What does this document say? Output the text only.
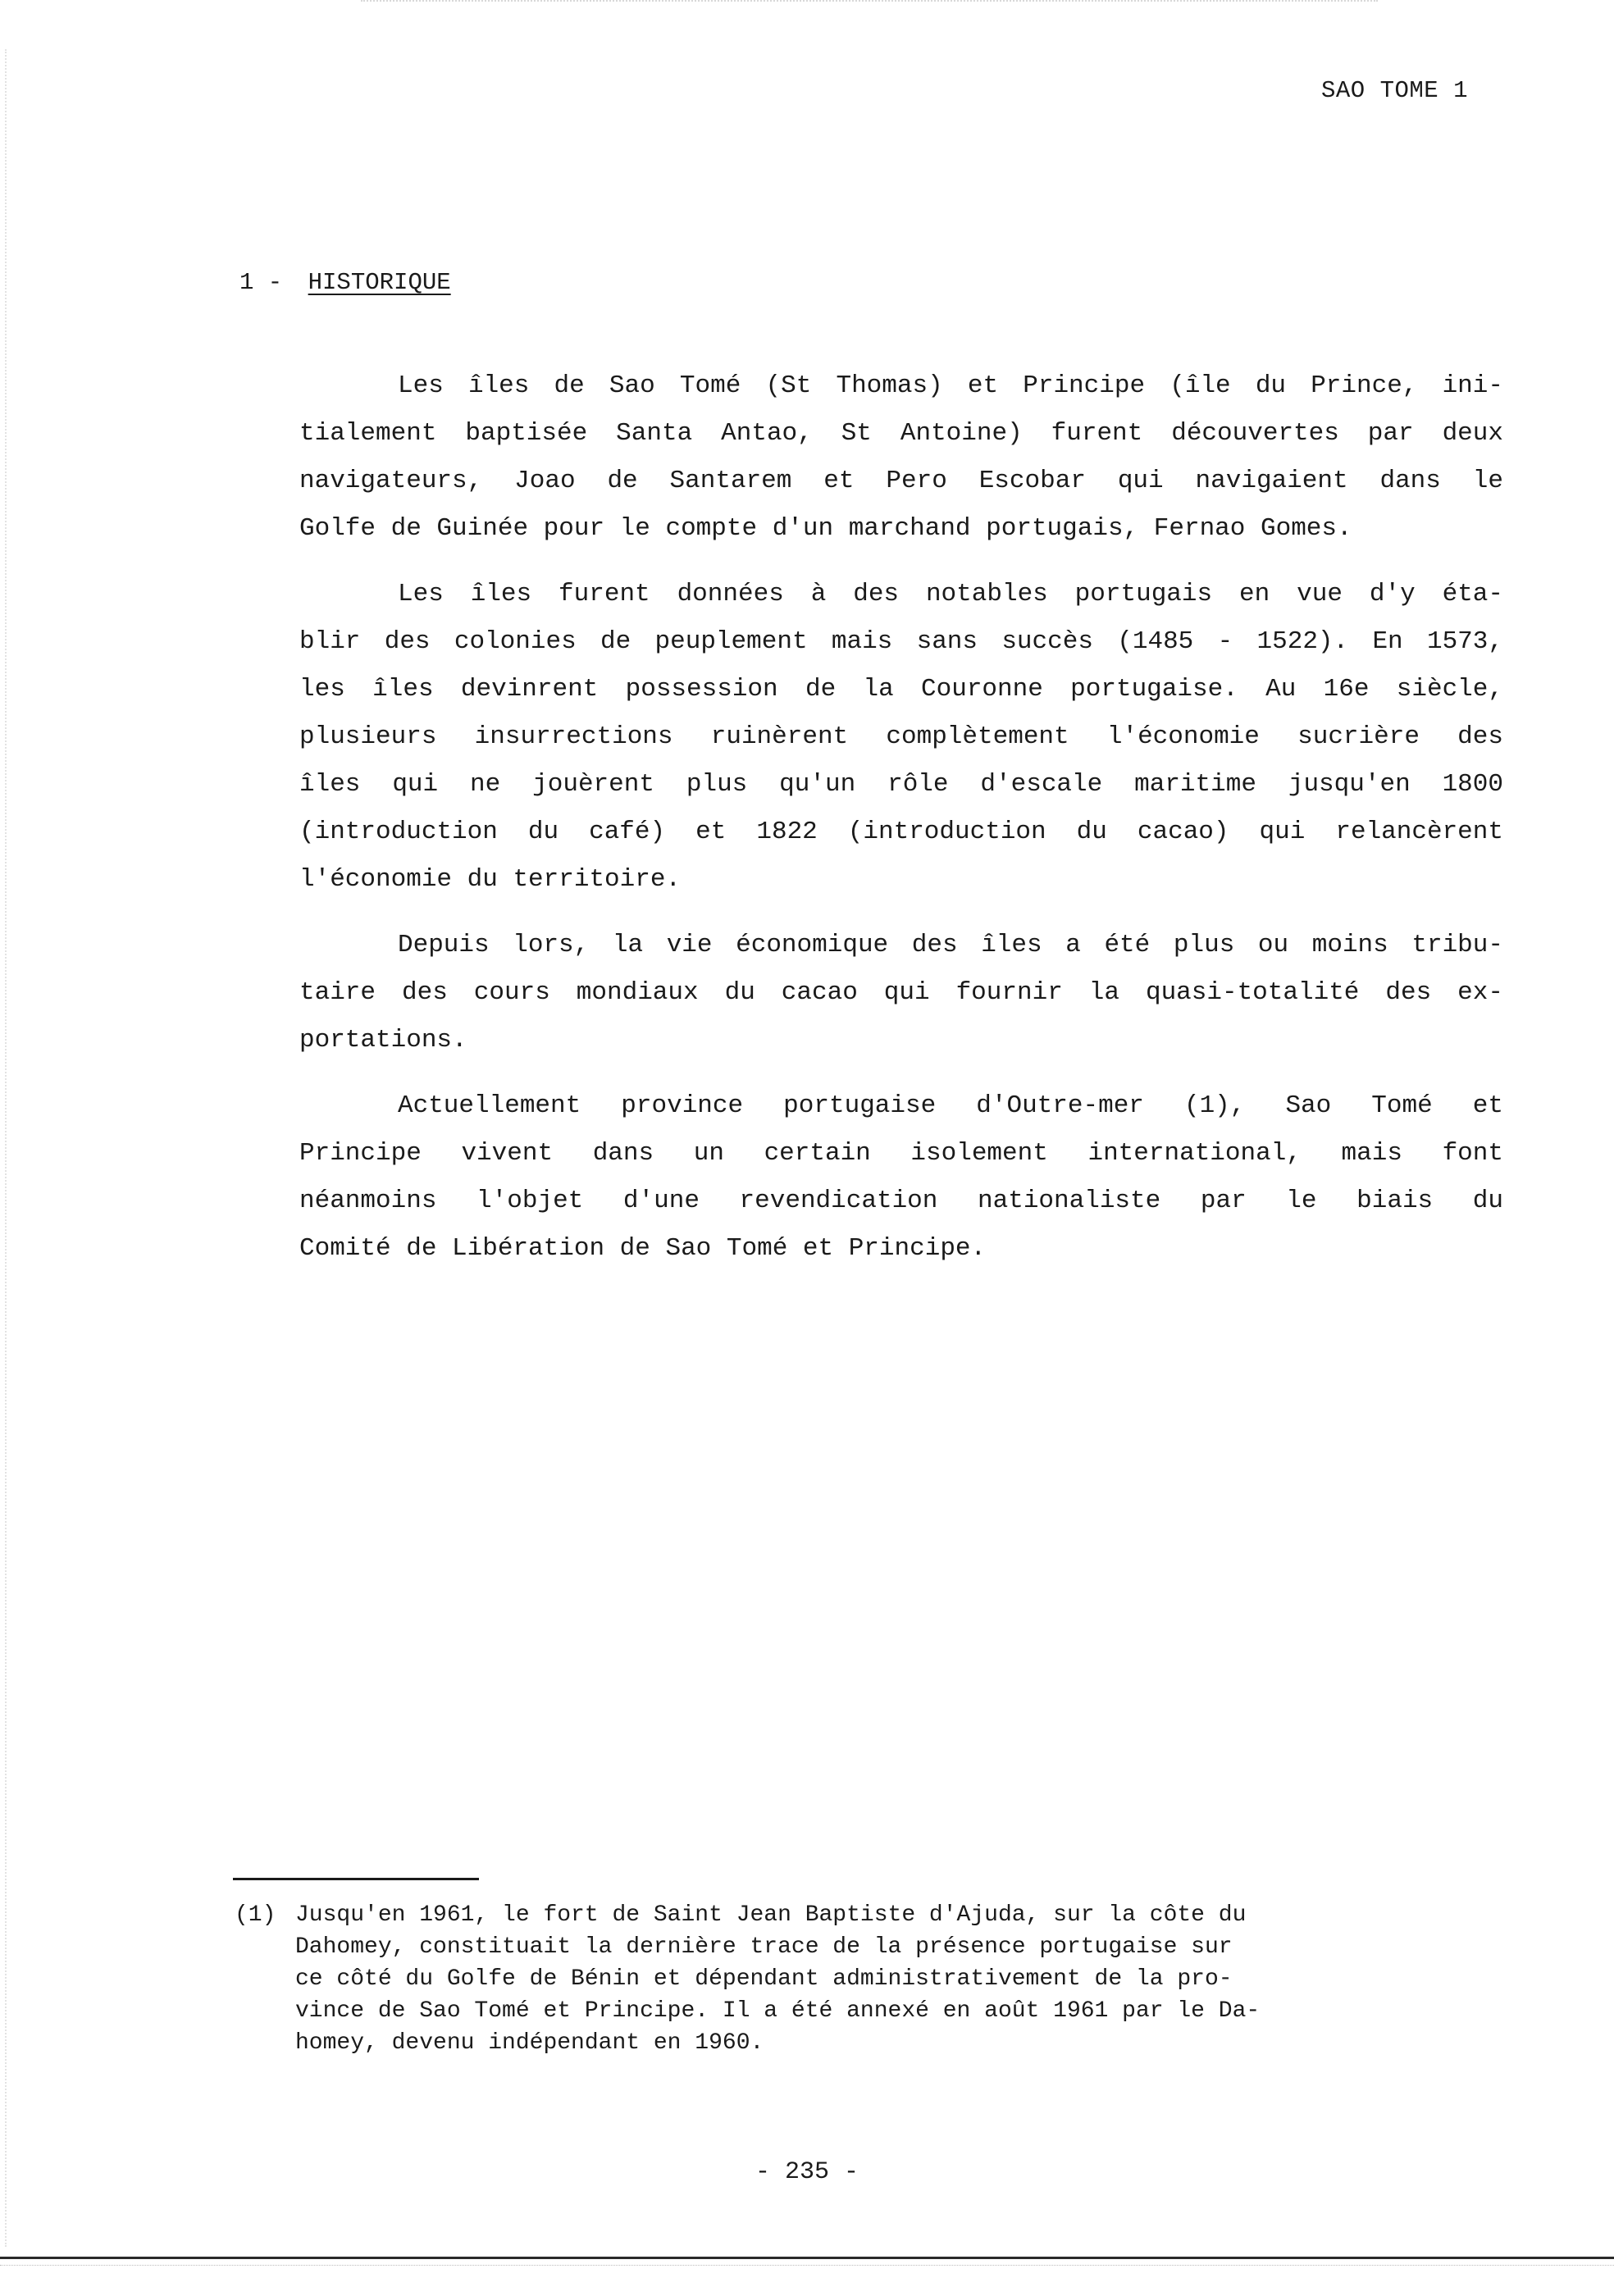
SAO TOME 1
1 - HISTORIQUE

Les îles de Sao Tomé (St Thomas) et Principe (île du Prince, ini-
tialement baptisée Santa Antao, St Antoine) furent découvertes par deux
navigateurs, Joao de Santarem et Pero Escobar qui navigaient dans le
Golfe de Guinée pour le compte d'un marchand portugais, Fernao Gomes.

Les îles furent données à des notables portugais en vue d'y éta-
blir des colonies de peuplement mais sans succès (1485 - 1522). En 1573,
les îles devinrent possession de la Couronne portugaise. Au 16e siècle,
plusieurs insurrections ruinèrent complètement l'économie sucrière des
îles qui ne jouèrent plus qu'un rôle d'escale maritime jusqu'en 1800
(introduction du café) et 1822 (introduction du cacao) qui relancèrent
l'économie du territoire.

Depuis lors, la vie économique des îles a été plus ou moins tribu-
taire des cours mondiaux du cacao qui fournir la quasi-totalité des ex-
portations.

Actuellement province portugaise d'Outre-mer (1), Sao Tomé et
Principe vivent dans un certain isolement international, mais font
néanmoins l'objet d'une revendication nationaliste par le biais du
Comité de Libération de Sao Tomé et Principe.

(1) Jusqu'en 1961, le fort de Saint Jean Baptiste d'Ajuda, sur la côte du
Dahomey, constituait la dernière trace de la présence portugaise sur
ce côté du Golfe de Bénin et dépendant administrativement de la pro-
vince de Sao Tomé et Principe. Il a été annexé en août 1961 par le Da-
homey, devenu indépendant en 1960.
- 235 -
